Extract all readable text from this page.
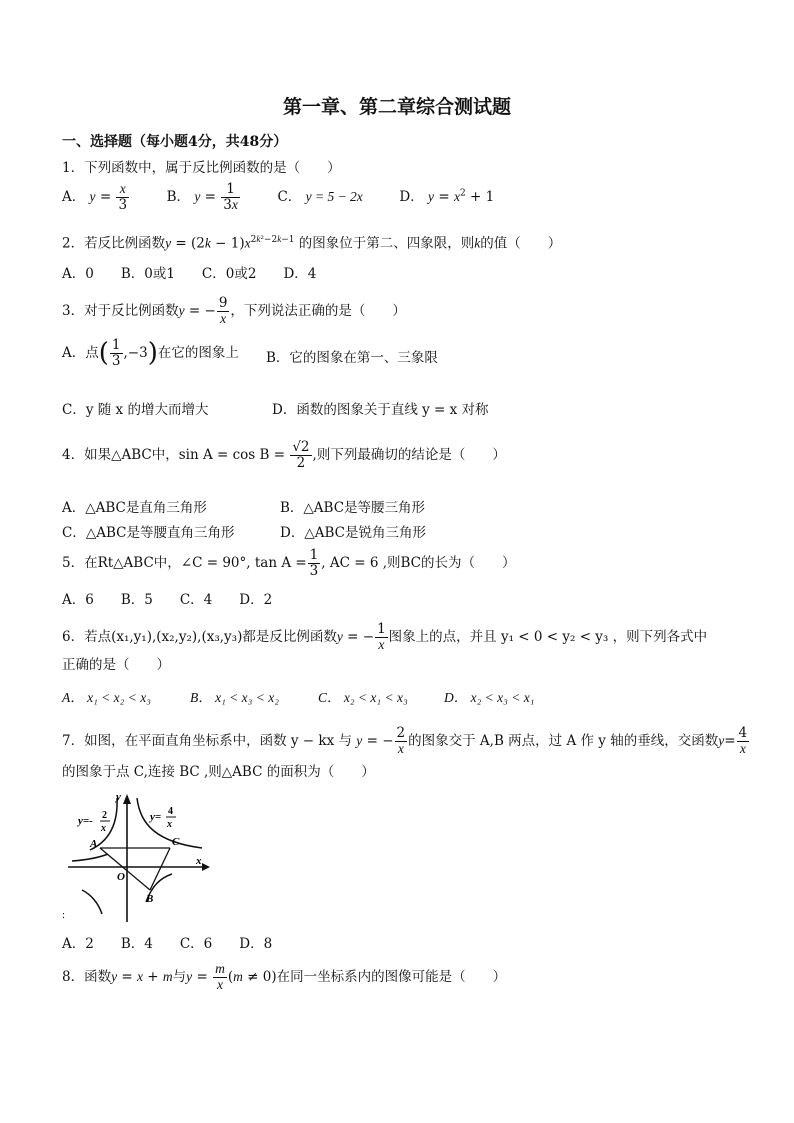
第一章、第二章综合测试题
一、选择题（每小题4分，共48分）
1．下列函数中，属于反比例函数的是（　　）
A． $y = \frac{x}{3}$	B． $y = \frac{1}{3x}$	C． y = 5 − 2x	D． $y = x^2 + 1$
2．若反比例函数$y = (2k - 1)x^{2k^2-2k-1}$ 的图象位于第二、四象限，则k的值（　　）
A．0　　B．0或1　　C．0或2　　D．4
3．对于反比例函数y = − $\frac{9}{x}$ ，下列说法正确的是（　　）
A．点( $\frac{1}{3} ,-3$)在它的图象上 B．它的图象在第一、三象限
C．y 随 x 的增大而增大	D．函数的图象关于直线 y = x 对称
4．如果△ABC中，$\sin A = \cos B = \frac{√2}{2}$ ,则下列最确切的结论是（　　）
A．△ABC是直角三角形	B．△ABC是等腰三角形
C．△ABC是等腰直角三角形	D．△ABC是锐角三角形
5．在Rt△ABC中，∠C = 90°, $\tan A = \frac{1}{3}$ , AC = 6 ,则BC的长为（　　）
A．6　　B．5　　C．4　　D．2
6．若点(x₁,y₁),(x₂,y₂),(x₃,y₃)都是反比例函数y = − $\frac{1}{x}$ 图象上的点，并且 y₁ < 0 < y₂ < y₃ ，则下列各式中
正确的是（　　）
A． x₁ < x₂ < x₃	B． x₁ < x₃ < x₂	C． x₂ < x₁ < x₃	D． x₂ < x₃ < x₁
7．如图，在平面直角坐标系中，函数 y − kx 与 y = − $\frac{2}{x}$ 的图象交于 A,B 两点，过 A 作 y 轴的垂线，交函数$y= \frac{4}{x}$
的图象于点 C,连接 BC ,则△ABC 的面积为（　　）
y=- 2
x
y= 4
x
y
x
A	C
O
B
:
A．2　　B．4　　C．6　　D．8
8．函数y = x + m与$y = \frac{m}{x} (m \ne 0)$在同一坐标系内的图像可能是（　　）
